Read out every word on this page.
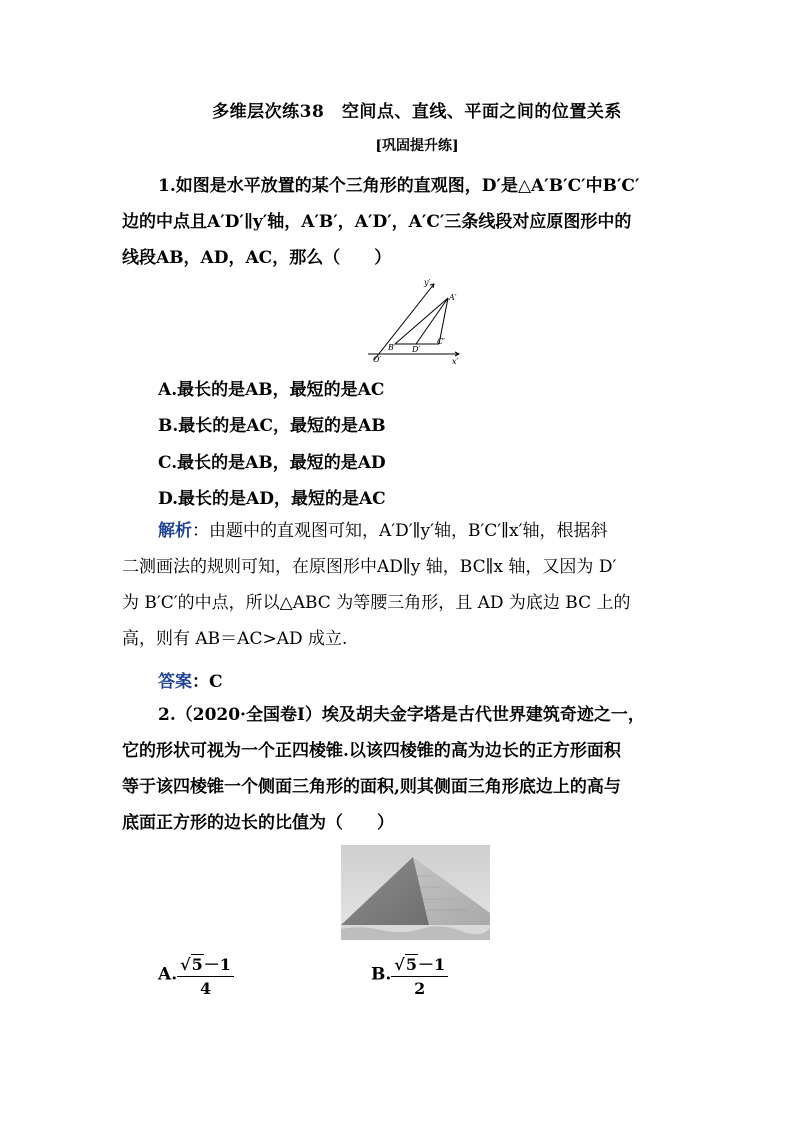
多维层次练38　空间点、直线、平面之间的位置关系
[巩固提升练]
1.如图是水平放置的某个三角形的直观图，D′是△A′B′C′中B′C′
边的中点且A′D′∥y′轴，A′B′，A′D′，A′C′三条线段对应原图形中的
线段AB，AD，AC，那么（　　）
y′
A′
B′ D′
C′
O′	x′
A.最长的是AB，最短的是AC
B.最长的是AC，最短的是AB
C.最长的是AB，最短的是AD
D.最长的是AD，最短的是AC
解析：由题中的直观图可知，A′D′∥y′轴，B′C′∥x′轴，根据斜
二测画法的规则可知，在原图形中AD∥y 轴，BC∥x 轴，又因为 D′
为 B′C′的中点，所以△ABC 为等腰三角形，且 AD 为底边 BC 上的
高，则有 AB＝AC>AD 成立.
答案：C
2.（2020·全国卷Ⅰ）埃及胡夫金字塔是古代世界建筑奇迹之一，
它的形状可视为一个正四棱锥.以该四棱锥的高为边长的正方形面积
等于该四棱锥一个侧面三角形的面积,则其侧面三角形底边上的高与
底面正方形的边长的比值为（　　）
A. $\frac{√5-1}{4}$	B. $\frac{√5-1}{2}$
